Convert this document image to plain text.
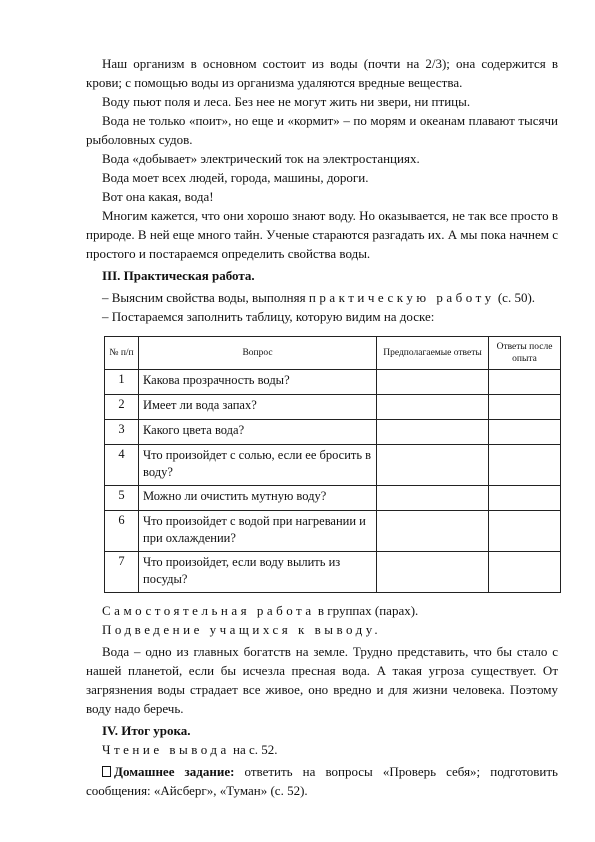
Наш организм в основном состоит из воды (почти на 2/3); она содержится в крови; с помощью воды из организма удаляются вредные вещества.

Воду пьют поля и леса. Без нее не могут жить ни звери, ни птицы.

Вода не только «поит», но еще и «кормит» – по морям и океанам плавают тысячи рыболовных судов.

Вода «добывает» электрический ток на электростанциях.

Вода моет всех людей, города, машины, дороги.

Вот она какая, вода!

Многим кажется, что они хорошо знают воду. Но оказывается, не так все просто в природе. В ней еще много тайн. Ученые стараются разгадать их. А мы пока начнем с простого и постараемся определить свойства воды.

III. Практическая работа.

– Выясним свойства воды, выполняя практическую работу (с. 50).

– Постараемся заполнить таблицу, которую видим на доске:

№ п/п	Вопрос	Предполагаемые ответы	Ответы после опыта
1	Какова прозрачность воды?		
2	Имеет ли вода запах?		
3	Какого цвета вода?		
4	Что произойдет с солью, если ее бросить в воду?		
5	Можно ли очистить мутную воду?		
6	Что произойдет с водой при нагревании и при охлаждении?		
7	Что произойдет, если воду вылить из посуды?		

Самостоятельная работа в группах (парах).

Подведение учащихся к выводу.

Вода – одно из главных богатств на земле. Трудно представить, что бы стало с нашей планетой, если бы исчезла пресная вода. А такая угроза существует. От загрязнения воды страдает все живое, оно вредно и для жизни человека. Поэтому воду надо беречь.

IV. Итог урока.

Чтение вывода на с. 52.

Домашнее задание: ответить на вопросы «Проверь себя»; подготовить сообщения: «Айсберг», «Туман» (с. 52).
